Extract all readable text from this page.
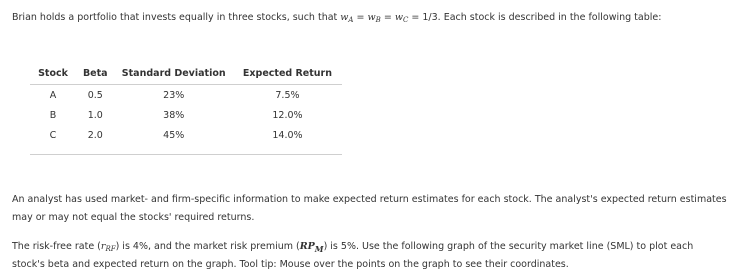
Brian holds a portfolio that invests equally in three stocks, such that $w_A = w_B = w_C = 1/3$. Each stock is described in the following table:

Stock	Beta	Standard Deviation	Expected Return
A	0.5	23%	7.5%
B	1.0	38%	12.0%
C	2.0	45%	14.0%

An analyst has used market- and firm-specific information to make expected return estimates for each stock. The analyst's expected return estimates

may or may not equal the stocks' required returns.

The risk-free rate $(r_{RF})$ is 4%, and the market risk premium $(RP_M)$ is 5%. Use the following graph of the security market line (SML) to plot each

stock's beta and expected return on the graph. Tool tip: Mouse over the points on the graph to see their coordinates.
